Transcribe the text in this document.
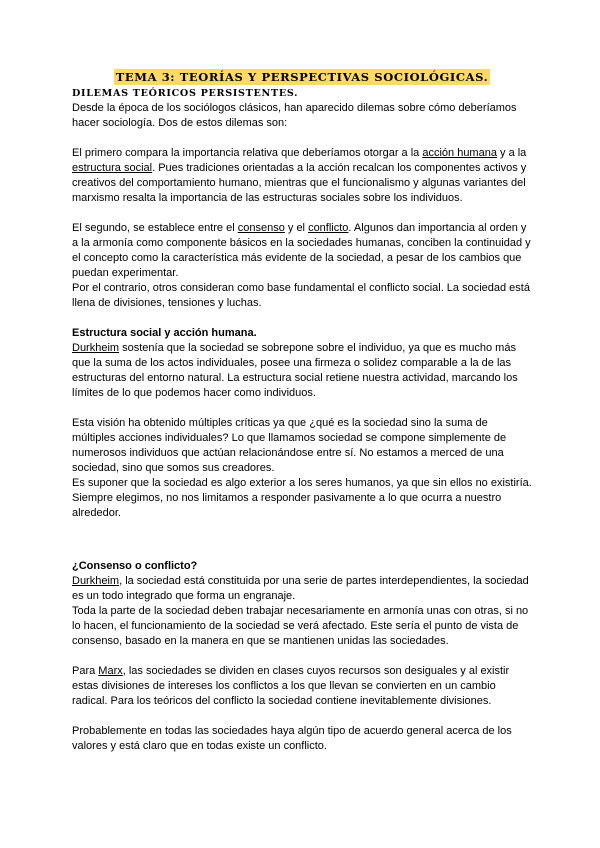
TEMA 3: TEORÍAS Y PERSPECTIVAS SOCIOLÓGICAS.
DILEMAS TEÓRICOS PERSISTENTES.

Desde la época de los sociólogos clásicos, han aparecido dilemas sobre cómo deberíamos hacer sociología. Dos de estos dilemas son:

El primero compara la importancia relativa que deberíamos otorgar a la acción humana y a la estructura social. Pues tradiciones orientadas a la acción recalcan los componentes activos y creativos del comportamiento humano, mientras que el funcionalismo y algunas variantes del marxismo resalta la importancia de las estructuras sociales sobre los individuos.

El segundo, se establece entre el consenso y el conflicto. Algunos dan importancia al orden y a la armonía como componente básicos en la sociedades humanas, conciben la continuidad y el concepto como la característica más evidente de la sociedad, a pesar de los cambios que puedan experimentar.

Por el contrario, otros consideran como base fundamental el conflicto social. La sociedad está llena de divisiones, tensiones y luchas.

Estructura social y acción humana.

Durkheim sostenía que la sociedad se sobrepone sobre el individuo, ya que es mucho más que la suma de los actos individuales, posee una firmeza o solidez comparable a la de las estructuras del entorno natural. La estructura social retiene nuestra actividad, marcando los límites de lo que podemos hacer como individuos.

Esta visión ha obtenido múltiples críticas ya que ¿qué es la sociedad sino la suma de múltiples acciones individuales? Lo que llamamos sociedad se compone simplemente de numerosos individuos que actúan relacionándose entre sí. No estamos a merced de una sociedad, sino que somos sus creadores.

Es suponer que la sociedad es algo exterior a los seres humanos, ya que sin ellos no existiría. Siempre elegimos, no nos limitamos a responder pasivamente a lo que ocurra a nuestro alrededor.

¿Consenso o conflicto?

Durkheim, la sociedad está constituida por una serie de partes interdependientes, la sociedad es un todo integrado que forma un engranaje.

Toda la parte de la sociedad deben trabajar necesariamente en armonía unas con otras, si no lo hacen, el funcionamiento de la sociedad se verá afectado. Este sería el punto de vista de consenso, basado en la manera en que se mantienen unidas las sociedades.

Para Marx, las sociedades se dividen en clases cuyos recursos son desiguales y al existir estas divisiones de intereses los conflictos a los que llevan se convierten en un cambio radical. Para los teóricos del conflicto la sociedad contiene inevitablemente divisiones.

Probablemente en todas las sociedades haya algún tipo de acuerdo general acerca de los valores y está claro que en todas existe un conflicto.
